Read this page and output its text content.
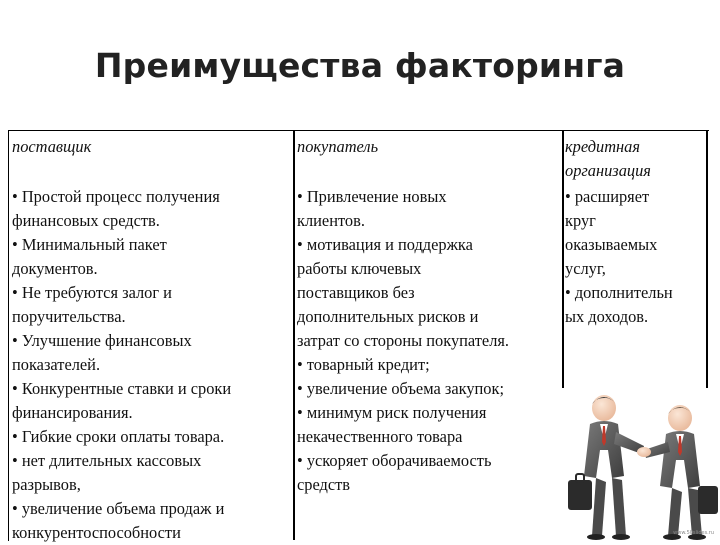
Преимущества факторинга
поставщик
• Простой процесс получения
финансовых средств.
• Минимальный пакет
документов.
• Не требуются залог и
поручительства.
• Улучшение финансовых
показателей.
• Конкурентные ставки и сроки
финансирования.
• Гибкие сроки оплаты товара.
• нет длительных кассовых
разрывов,
• увеличение объема продаж и
конкурентоспособности
покупатель
• Привлечение новых
клиентов.
• мотивация и поддержка
работы ключевых
поставщиков без
дополнительных рисков и
затрат со стороны покупателя.
• товарный кредит;
• увеличение объема закупок;
• минимум риск получения
некачественного товара
• ускоряет оборачиваемость
средств
кредитная
организация
• расширяет
круг
оказываемых
услуг,
• дополнительн
ых доходов.
www.50slides.ru
